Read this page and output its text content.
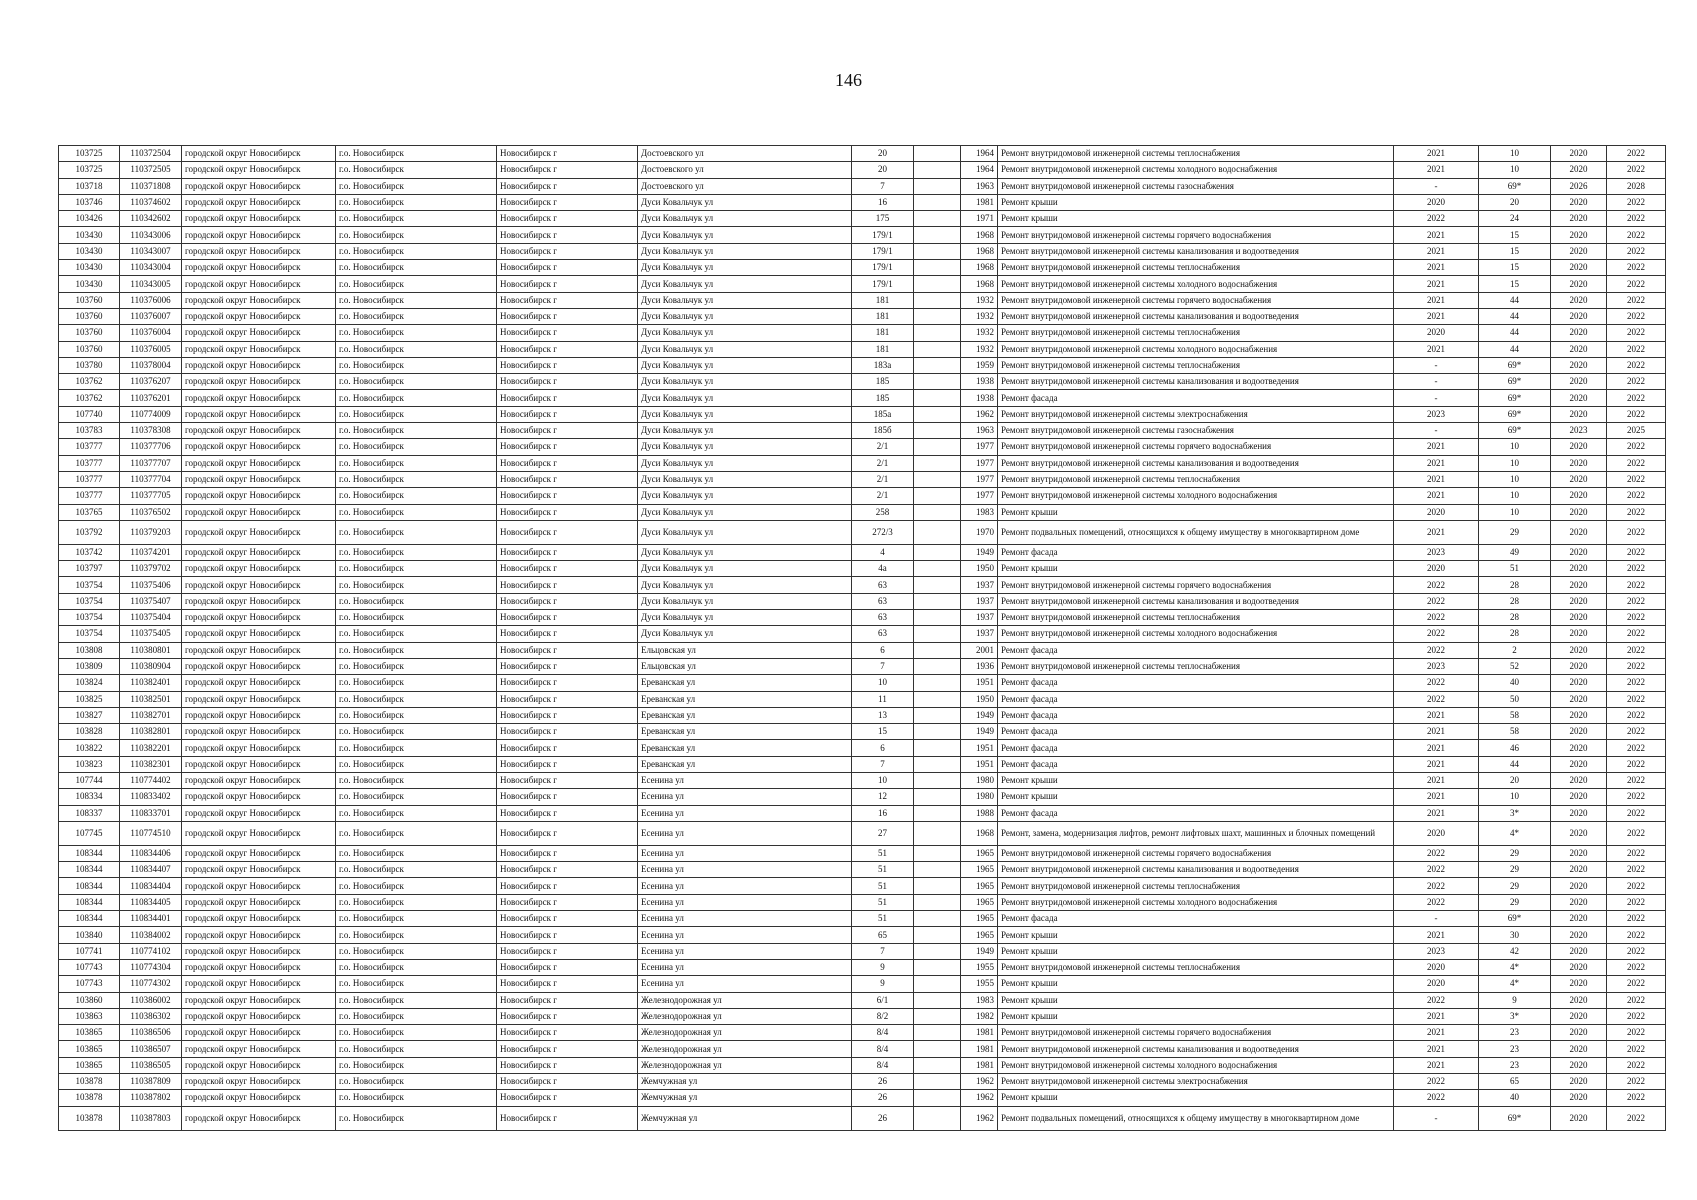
146
103725	110372504	городской округ Новосибирск	г.о. Новосибирск	Новосибирск г	Достоевского ул	20		1964	Ремонт внутридомовой инженерной системы теплоснабжения	2021	10	2020	2022
103725	110372505	городской округ Новосибирск	г.о. Новосибирск	Новосибирск г	Достоевского ул	20		1964	Ремонт внутридомовой инженерной системы холодного водоснабжения	2021	10	2020	2022
103718	110371808	городской округ Новосибирск	г.о. Новосибирск	Новосибирск г	Достоевского ул	7		1963	Ремонт внутридомовой инженерной системы газоснабжения	-	69*	2026	2028
103746	110374602	городской округ Новосибирск	г.о. Новосибирск	Новосибирск г	Дуси Ковальчук ул	16		1981	Ремонт крыши	2020	20	2020	2022
103426	110342602	городской округ Новосибирск	г.о. Новосибирск	Новосибирск г	Дуси Ковальчук ул	175		1971	Ремонт крыши	2022	24	2020	2022
103430	110343006	городской округ Новосибирск	г.о. Новосибирск	Новосибирск г	Дуси Ковальчук ул	179/1		1968	Ремонт внутридомовой инженерной системы горячего водоснабжения	2021	15	2020	2022
103430	110343007	городской округ Новосибирск	г.о. Новосибирск	Новосибирск г	Дуси Ковальчук ул	179/1		1968	Ремонт внутридомовой инженерной системы канализования и водоотведения	2021	15	2020	2022
103430	110343004	городской округ Новосибирск	г.о. Новосибирск	Новосибирск г	Дуси Ковальчук ул	179/1		1968	Ремонт внутридомовой инженерной системы теплоснабжения	2021	15	2020	2022
103430	110343005	городской округ Новосибирск	г.о. Новосибирск	Новосибирск г	Дуси Ковальчук ул	179/1		1968	Ремонт внутридомовой инженерной системы холодного водоснабжения	2021	15	2020	2022
103760	110376006	городской округ Новосибирск	г.о. Новосибирск	Новосибирск г	Дуси Ковальчук ул	181		1932	Ремонт внутридомовой инженерной системы горячего водоснабжения	2021	44	2020	2022
103760	110376007	городской округ Новосибирск	г.о. Новосибирск	Новосибирск г	Дуси Ковальчук ул	181		1932	Ремонт внутридомовой инженерной системы канализования и водоотведения	2021	44	2020	2022
103760	110376004	городской округ Новосибирск	г.о. Новосибирск	Новосибирск г	Дуси Ковальчук ул	181		1932	Ремонт внутридомовой инженерной системы теплоснабжения	2020	44	2020	2022
103760	110376005	городской округ Новосибирск	г.о. Новосибирск	Новосибирск г	Дуси Ковальчук ул	181		1932	Ремонт внутридомовой инженерной системы холодного водоснабжения	2021	44	2020	2022
103780	110378004	городской округ Новосибирск	г.о. Новосибирск	Новосибирск г	Дуси Ковальчук ул	183а		1959	Ремонт внутридомовой инженерной системы теплоснабжения	-	69*	2020	2022
103762	110376207	городской округ Новосибирск	г.о. Новосибирск	Новосибирск г	Дуси Ковальчук ул	185		1938	Ремонт внутридомовой инженерной системы канализования и водоотведения	-	69*	2020	2022
103762	110376201	городской округ Новосибирск	г.о. Новосибирск	Новосибирск г	Дуси Ковальчук ул	185		1938	Ремонт фасада	-	69*	2020	2022
107740	110774009	городской округ Новосибирск	г.о. Новосибирск	Новосибирск г	Дуси Ковальчук ул	185а		1962	Ремонт внутридомовой инженерной системы электроснабжения	2023	69*	2020	2022
103783	110378308	городской округ Новосибирск	г.о. Новосибирск	Новосибирск г	Дуси Ковальчук ул	185б		1963	Ремонт внутридомовой инженерной системы газоснабжения	-	69*	2023	2025
103777	110377706	городской округ Новосибирск	г.о. Новосибирск	Новосибирск г	Дуси Ковальчук ул	2/1		1977	Ремонт внутридомовой инженерной системы горячего водоснабжения	2021	10	2020	2022
103777	110377707	городской округ Новосибирск	г.о. Новосибирск	Новосибирск г	Дуси Ковальчук ул	2/1		1977	Ремонт внутридомовой инженерной системы канализования и водоотведения	2021	10	2020	2022
103777	110377704	городской округ Новосибирск	г.о. Новосибирск	Новосибирск г	Дуси Ковальчук ул	2/1		1977	Ремонт внутридомовой инженерной системы теплоснабжения	2021	10	2020	2022
103777	110377705	городской округ Новосибирск	г.о. Новосибирск	Новосибирск г	Дуси Ковальчук ул	2/1		1977	Ремонт внутридомовой инженерной системы холодного водоснабжения	2021	10	2020	2022
103765	110376502	городской округ Новосибирск	г.о. Новосибирск	Новосибирск г	Дуси Ковальчук ул	258		1983	Ремонт крыши	2020	10	2020	2022
103792	110379203	городской округ Новосибирск	г.о. Новосибирск	Новосибирск г	Дуси Ковальчук ул	272/3		1970	Ремонт подвальных помещений, относящихся к общему имуществу в многоквартирном доме	2021	29	2020	2022
103742	110374201	городской округ Новосибирск	г.о. Новосибирск	Новосибирск г	Дуси Ковальчук ул	4		1949	Ремонт фасада	2023	49	2020	2022
103797	110379702	городской округ Новосибирск	г.о. Новосибирск	Новосибирск г	Дуси Ковальчук ул	4а		1950	Ремонт крыши	2020	51	2020	2022
103754	110375406	городской округ Новосибирск	г.о. Новосибирск	Новосибирск г	Дуси Ковальчук ул	63		1937	Ремонт внутридомовой инженерной системы горячего водоснабжения	2022	28	2020	2022
103754	110375407	городской округ Новосибирск	г.о. Новосибирск	Новосибирск г	Дуси Ковальчук ул	63		1937	Ремонт внутридомовой инженерной системы канализования и водоотведения	2022	28	2020	2022
103754	110375404	городской округ Новосибирск	г.о. Новосибирск	Новосибирск г	Дуси Ковальчук ул	63		1937	Ремонт внутридомовой инженерной системы теплоснабжения	2022	28	2020	2022
103754	110375405	городской округ Новосибирск	г.о. Новосибирск	Новосибирск г	Дуси Ковальчук ул	63		1937	Ремонт внутридомовой инженерной системы холодного водоснабжения	2022	28	2020	2022
103808	110380801	городской округ Новосибирск	г.о. Новосибирск	Новосибирск г	Ельцовская ул	6		2001	Ремонт фасада	2022	2	2020	2022
103809	110380904	городской округ Новосибирск	г.о. Новосибирск	Новосибирск г	Ельцовская ул	7		1936	Ремонт внутридомовой инженерной системы теплоснабжения	2023	52	2020	2022
103824	110382401	городской округ Новосибирск	г.о. Новосибирск	Новосибирск г	Ереванская ул	10		1951	Ремонт фасада	2022	40	2020	2022
103825	110382501	городской округ Новосибирск	г.о. Новосибирск	Новосибирск г	Ереванская ул	11		1950	Ремонт фасада	2022	50	2020	2022
103827	110382701	городской округ Новосибирск	г.о. Новосибирск	Новосибирск г	Ереванская ул	13		1949	Ремонт фасада	2021	58	2020	2022
103828	110382801	городской округ Новосибирск	г.о. Новосибирск	Новосибирск г	Ереванская ул	15		1949	Ремонт фасада	2021	58	2020	2022
103822	110382201	городской округ Новосибирск	г.о. Новосибирск	Новосибирск г	Ереванская ул	6		1951	Ремонт фасада	2021	46	2020	2022
103823	110382301	городской округ Новосибирск	г.о. Новосибирск	Новосибирск г	Ереванская ул	7		1951	Ремонт фасада	2021	44	2020	2022
107744	110774402	городской округ Новосибирск	г.о. Новосибирск	Новосибирск г	Есенина ул	10		1980	Ремонт крыши	2021	20	2020	2022
108334	110833402	городской округ Новосибирск	г.о. Новосибирск	Новосибирск г	Есенина ул	12		1980	Ремонт крыши	2021	10	2020	2022
108337	110833701	городской округ Новосибирск	г.о. Новосибирск	Новосибирск г	Есенина ул	16		1988	Ремонт фасада	2021	3*	2020	2022
107745	110774510	городской округ Новосибирск	г.о. Новосибирск	Новосибирск г	Есенина ул	27		1968	Ремонт, замена, модернизация лифтов, ремонт лифтовых шахт, машинных и блочных помещений	2020	4*	2020	2022
108344	110834406	городской округ Новосибирск	г.о. Новосибирск	Новосибирск г	Есенина ул	51		1965	Ремонт внутридомовой инженерной системы горячего водоснабжения	2022	29	2020	2022
108344	110834407	городской округ Новосибирск	г.о. Новосибирск	Новосибирск г	Есенина ул	51		1965	Ремонт внутридомовой инженерной системы канализования и водоотведения	2022	29	2020	2022
108344	110834404	городской округ Новосибирск	г.о. Новосибирск	Новосибирск г	Есенина ул	51		1965	Ремонт внутридомовой инженерной системы теплоснабжения	2022	29	2020	2022
108344	110834405	городской округ Новосибирск	г.о. Новосибирск	Новосибирск г	Есенина ул	51		1965	Ремонт внутридомовой инженерной системы холодного водоснабжения	2022	29	2020	2022
108344	110834401	городской округ Новосибирск	г.о. Новосибирск	Новосибирск г	Есенина ул	51		1965	Ремонт фасада	-	69*	2020	2022
103840	110384002	городской округ Новосибирск	г.о. Новосибирск	Новосибирск г	Есенина ул	65		1965	Ремонт крыши	2021	30	2020	2022
107741	110774102	городской округ Новосибирск	г.о. Новосибирск	Новосибирск г	Есенина ул	7		1949	Ремонт крыши	2023	42	2020	2022
107743	110774304	городской округ Новосибирск	г.о. Новосибирск	Новосибирск г	Есенина ул	9		1955	Ремонт внутридомовой инженерной системы теплоснабжения	2020	4*	2020	2022
107743	110774302	городской округ Новосибирск	г.о. Новосибирск	Новосибирск г	Есенина ул	9		1955	Ремонт крыши	2020	4*	2020	2022
103860	110386002	городской округ Новосибирск	г.о. Новосибирск	Новосибирск г	Железнодорожная ул	6/1		1983	Ремонт крыши	2022	9	2020	2022
103863	110386302	городской округ Новосибирск	г.о. Новосибирск	Новосибирск г	Железнодорожная ул	8/2		1982	Ремонт крыши	2021	3*	2020	2022
103865	110386506	городской округ Новосибирск	г.о. Новосибирск	Новосибирск г	Железнодорожная ул	8/4		1981	Ремонт внутридомовой инженерной системы горячего водоснабжения	2021	23	2020	2022
103865	110386507	городской округ Новосибирск	г.о. Новосибирск	Новосибирск г	Железнодорожная ул	8/4		1981	Ремонт внутридомовой инженерной системы канализования и водоотведения	2021	23	2020	2022
103865	110386505	городской округ Новосибирск	г.о. Новосибирск	Новосибирск г	Железнодорожная ул	8/4		1981	Ремонт внутридомовой инженерной системы холодного водоснабжения	2021	23	2020	2022
103878	110387809	городской округ Новосибирск	г.о. Новосибирск	Новосибирск г	Жемчужная ул	26		1962	Ремонт внутридомовой инженерной системы электроснабжения	2022	65	2020	2022
103878	110387802	городской округ Новосибирск	г.о. Новосибирск	Новосибирск г	Жемчужная ул	26		1962	Ремонт крыши	2022	40	2020	2022
103878	110387803	городской округ Новосибирск	г.о. Новосибирск	Новосибирск г	Жемчужная ул	26		1962	Ремонт подвальных помещений, относящихся к общему имуществу в многоквартирном доме	-	69*	2020	2022
